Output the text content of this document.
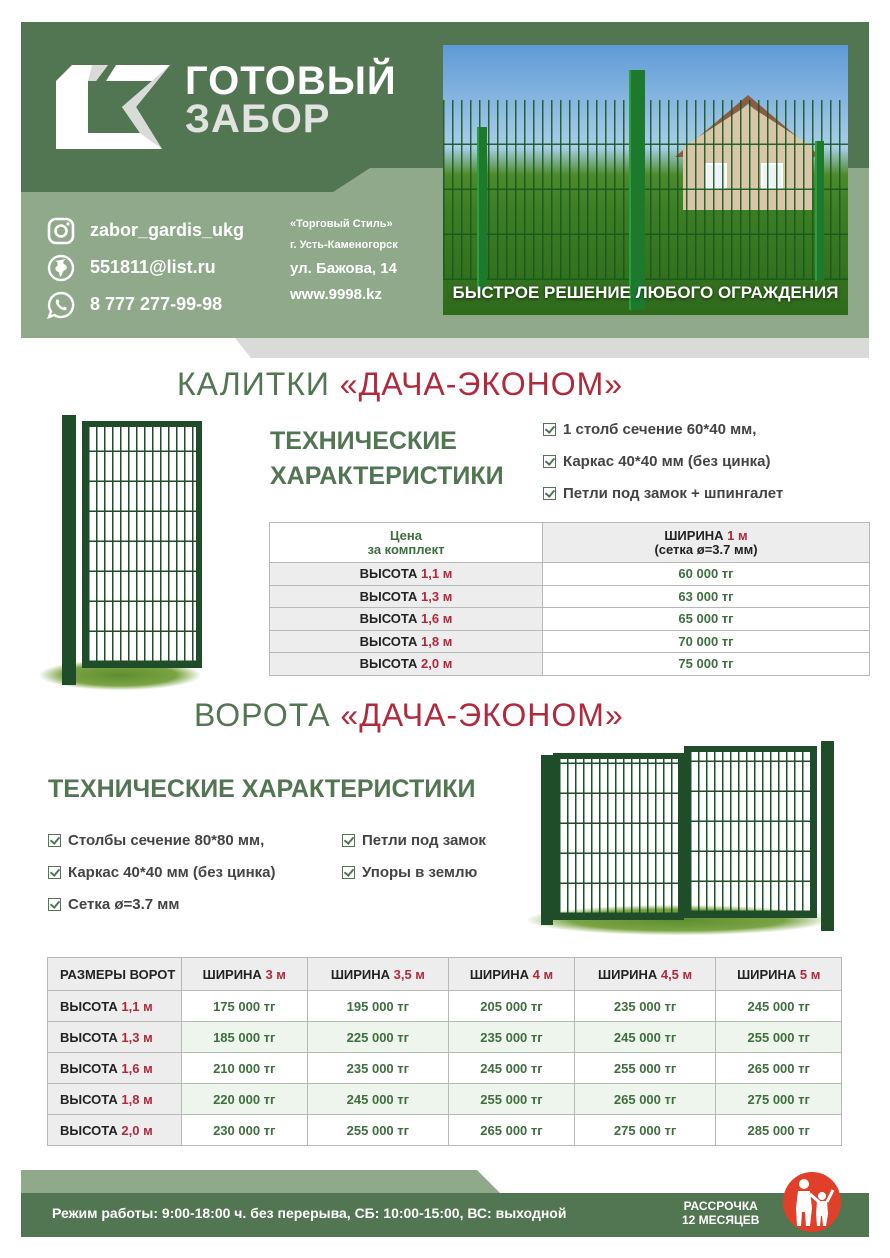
ГОТОВЫЙ
ЗАБОР
БЫСТРОЕ РЕШЕНИЕ ЛЮБОГО ОГРАЖДЕНИЯ
zabor_gardis_ukg
551811@list.ru
8 777 277-99-98
«Торговый Стиль»
г. Усть-Каменогорск
ул. Бажова, 14
www.9998.kz
КАЛИТКИ «ДАЧА-ЭКОНОМ»
ТЕХНИЧЕСКИЕ
ХАРАКТЕРИСТИКИ
1 столб сечение 60*40 мм,
Каркас 40*40 мм (без цинка)
Петли под замок + шпингалет
Цена
за комплект

ШИРИНА 1 м
(сетка ø=3.7 мм)

ВЫСОТА 1,1 м	60 000 тг
ВЫСОТА 1,3 м	63 000 тг
ВЫСОТА 1,6 м	65 000 тг
ВЫСОТА 1,8 м	70 000 тг
ВЫСОТА 2,0 м	75 000 тг
ВОРОТА «ДАЧА-ЭКОНОМ»
ТЕХНИЧЕСКИЕ ХАРАКТЕРИСТИКИ
Столбы сечение 80*80 мм,
Каркас 40*40 мм (без цинка)
Сетка ø=3.7 мм
Петли под замок
Упоры в землю
РАЗМЕРЫ ВОРОТ	ШИРИНА 3 м	ШИРИНА 3,5 м	ШИРИНА 4 м	ШИРИНА 4,5 м	ШИРИНА 5 м
ВЫСОТА 1,1 м	175 000 тг	195 000 тг	205 000 тг	235 000 тг	245 000 тг
ВЫСОТА 1,3 м	185 000 тг	225 000 тг	235 000 тг	245 000 тг	255 000 тг
ВЫСОТА 1,6 м	210 000 тг	235 000 тг	245 000 тг	255 000 тг	265 000 тг
ВЫСОТА 1,8 м	220 000 тг	245 000 тг	255 000 тг	265 000 тг	275 000 тг
ВЫСОТА 2,0 м	230 000 тг	255 000 тг	265 000 тг	275 000 тг	285 000 тг
Режим работы: 9:00-18:00 ч. без перерыва, СБ: 10:00-15:00, ВС: выходной	РАССРОЧКА
12 МЕСЯЦЕВ
